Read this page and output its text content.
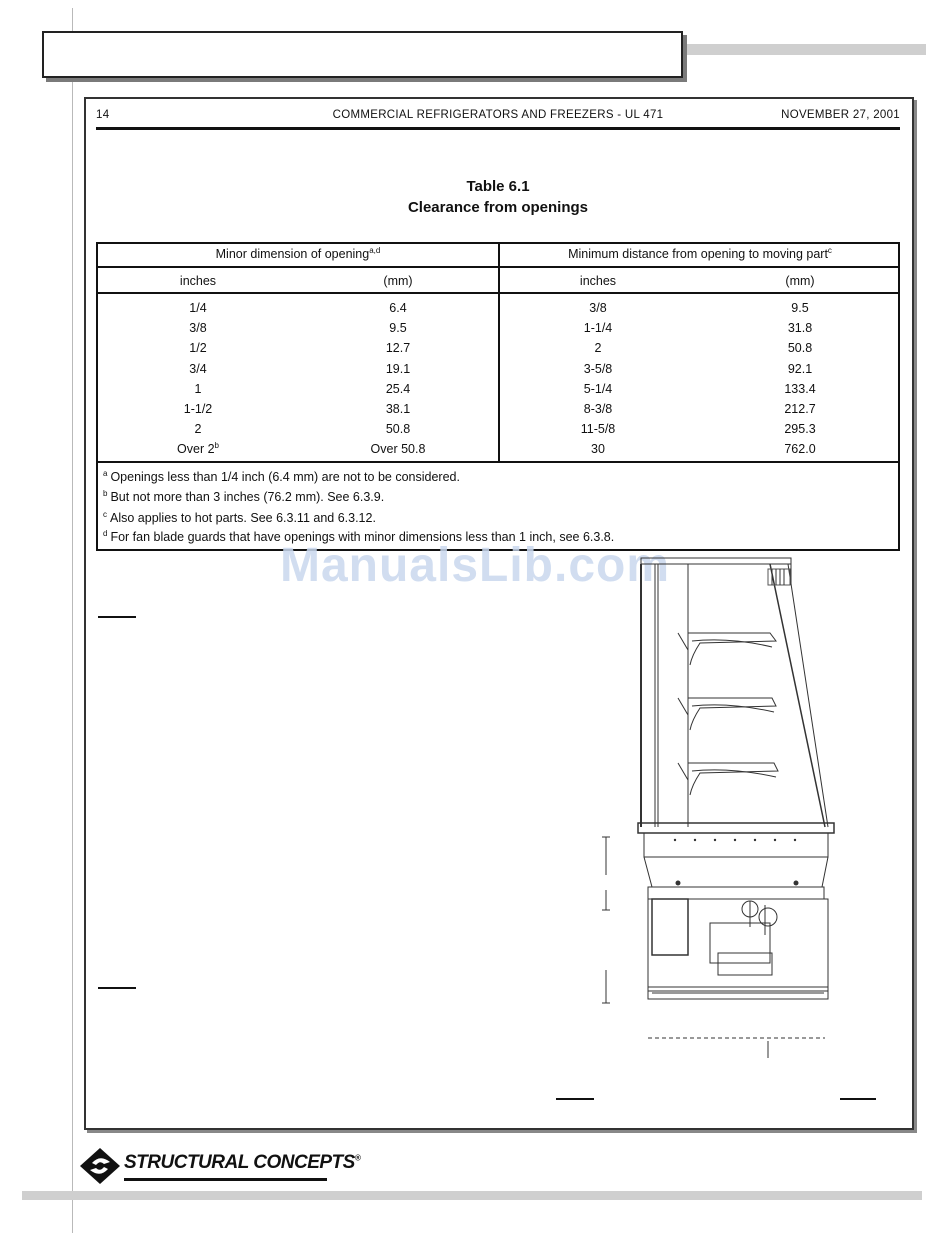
14	COMMERCIAL REFRIGERATORS AND FREEZERS - UL 471	NOVEMBER 27, 2001
Table 6.1
Clearance from openings
Minor dimension of opening$^{a,d}$	Minimum distance from opening to moving part$^c$
inches	(mm)	inches	(mm)
1/4	6.4	3/8	9.5
3/8	9.5	1-1/4	31.8
1/2	12.7	2	50.8
3/4	19.1	3-5/8	92.1
1	25.4	5-1/4	133.4
1-1/2	38.1	8-3/8	212.7
2	50.8	11-5/8	295.3
Over 2$^b$	Over 50.8	30	762.0
$^a$ Openings less than 1/4 inch (6.4 mm) are not to be considered.
$^b$ But not more than 3 inches (76.2 mm). See 6.3.9.
$^c$ Also applies to hot parts. See 6.3.11 and 6.3.12.
$^d$ For fan blade guards that have openings with minor dimensions less than 1 inch, see 6.3.8.
ManualsLib.com
STRUCTURAL CONCEPTS®
